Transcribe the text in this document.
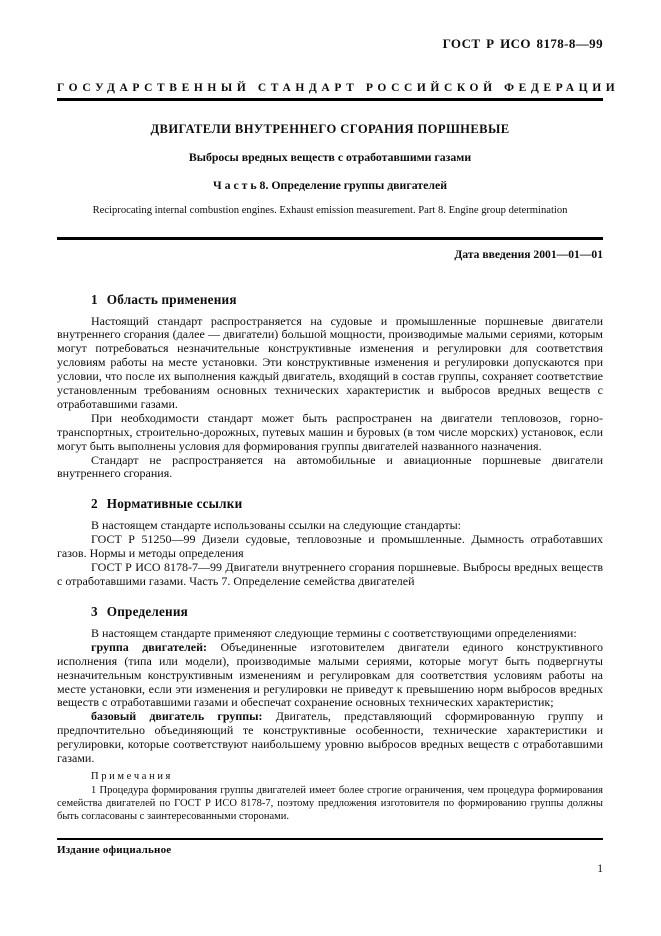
ГОСТ Р ИСО 8178-8—99
ГОСУДАРСТВЕННЫЙ СТАНДАРТ РОССИЙСКОЙ ФЕДЕРАЦИИ
ДВИГАТЕЛИ ВНУТРЕННЕГО СГОРАНИЯ ПОРШНЕВЫЕ
Выбросы вредных веществ с отработавшими газами
Ч а с т ь 8. Определение группы двигателей
Reciprocating internal combustion engines. Exhaust emission measurement. Part 8. Engine group determination
Дата введения 2001—01—01
1 Область применения

Настоящий стандарт распространяется на судовые и промышленные поршневые двигатели внутреннего сгорания (далее — двигатели) большой мощности, производимые малыми сериями, которым могут потребоваться незначительные конструктивные изменения и регулировки для соответствия условиям работы на месте установки. Эти конструктивные изменения и регулировки допускаются при условии, что после их выполнения каждый двигатель, входящий в состав группы, сохраняет соответствие установленным требованиям основных технических характеристик и выбросов вредных веществ с отработавшими газами.

При необходимости стандарт может быть распространен на двигатели тепловозов, горно-транспортных, строительно-дорожных, путевых машин и буровых (в том числе морских) установок, если могут быть выполнены условия для формирования группы двигателей названного назначения.

Стандарт не распространяется на автомобильные и авиационные поршневые двигатели внутреннего сгорания.

2 Нормативные ссылки

В настоящем стандарте использованы ссылки на следующие стандарты:

ГОСТ Р 51250—99 Дизели судовые, тепловозные и промышленные. Дымность отработавших газов. Нормы и методы определения

ГОСТ Р ИСО 8178-7—99 Двигатели внутреннего сгорания поршневые. Выбросы вредных веществ с отработавшими газами. Часть 7. Определение семейства двигателей

3 Определения

В настоящем стандарте применяют следующие термины с соответствующими определениями:

группа двигателей: Объединенные изготовителем двигатели единого конструктивного исполнения (типа или модели), производимые малыми сериями, которые могут быть подвергнуты незначительным конструктивным изменениям и регулировкам для соответствия условиям работы на месте установки, если эти изменения и регулировки не приведут к превышению норм выбросов вредных веществ с отработавшими газами и обеспечат сохранение основных технических характеристик;

базовый двигатель группы: Двигатель, представляющий сформированную группу и предпочтительно объединяющий те конструктивные особенности, технические характеристики и регулировки, которые соответствуют наибольшему уровню выбросов вредных веществ с отработавшими газами.

П р и м е ч а н и я

1 Процедура формирования группы двигателей имеет более строгие ограничения, чем процедура формирования семейства двигателей по ГОСТ Р ИСО 8178-7, поэтому предложения изготовителя по формированию группы должны быть согласованы с заинтересованными сторонами.

Издание официальное
1
